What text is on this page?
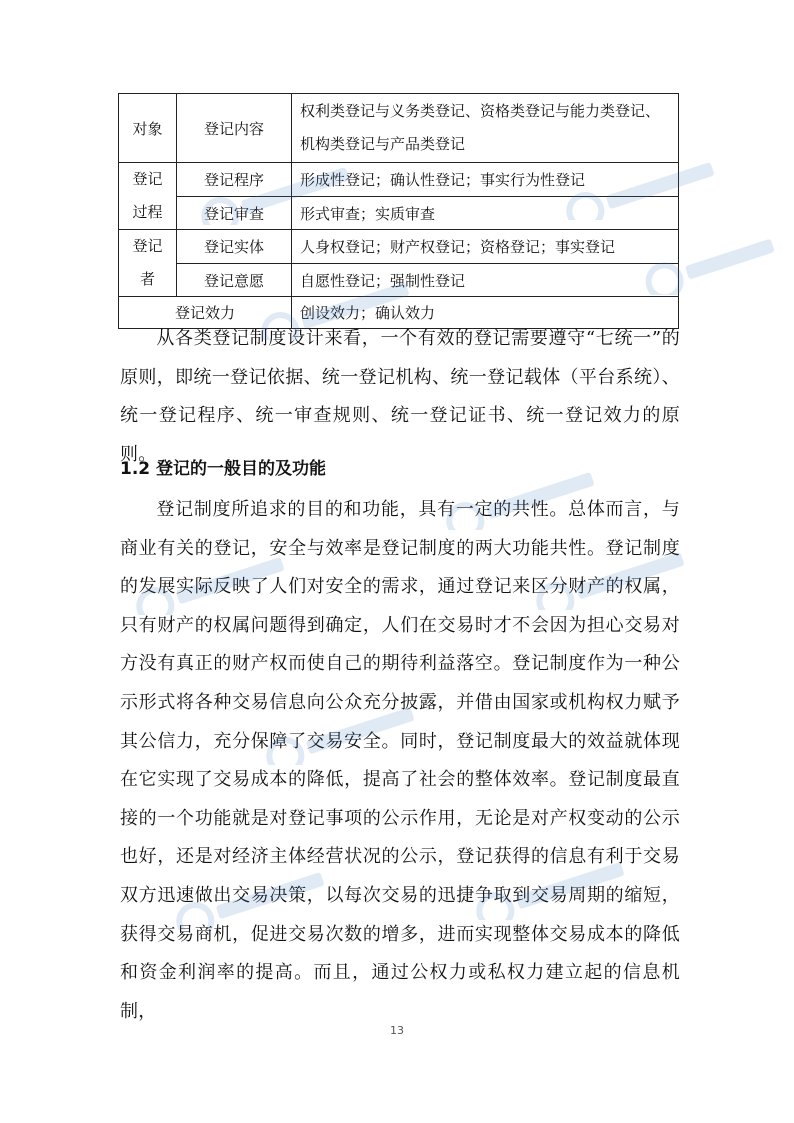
对象	登记内容	权利类登记与义务类登记、资格类登记与能力类登记、
机构类登记与产品类登记

登记
过程	登记程序	形成性登记；确认性登记；事实行为性登记
	登记审查	形式审查；实质审查

登记
者	登记实体	人身权登记；财产权登记；资格登记；事实登记
	登记意愿	自愿性登记；强制性登记
登记效力		创设效力；确认效力

从各类登记制度设计来看，一个有效的登记需要遵守“七统一”的原则，即统一登记依据、统一登记机构、统一登记载体（平台系统）、统一登记程序、统一审查规则、统一登记证书、统一登记效力的原则。

1.2 登记的一般目的及功能

登记制度所追求的目的和功能，具有一定的共性。总体而言，与商业有关的登记，安全与效率是登记制度的两大功能共性。登记制度的发展实际反映了人们对安全的需求，通过登记来区分财产的权属，只有财产的权属问题得到确定，人们在交易时才不会因为担心交易对方没有真正的财产权而使自己的期待利益落空。登记制度作为一种公示形式将各种交易信息向公众充分披露，并借由国家或机构权力赋予其公信力，充分保障了交易安全。同时，登记制度最大的效益就体现在它实现了交易成本的降低，提高了社会的整体效率。登记制度最直接的一个功能就是对登记事项的公示作用，无论是对产权变动的公示也好，还是对经济主体经营状况的公示，登记获得的信息有利于交易双方迅速做出交易决策，以每次交易的迅捷争取到交易周期的缩短，获得交易商机，促进交易次数的增多，进而实现整体交易成本的降低和资金利润率的提高。而且，通过公权力或私权力建立起的信息机制，

13
